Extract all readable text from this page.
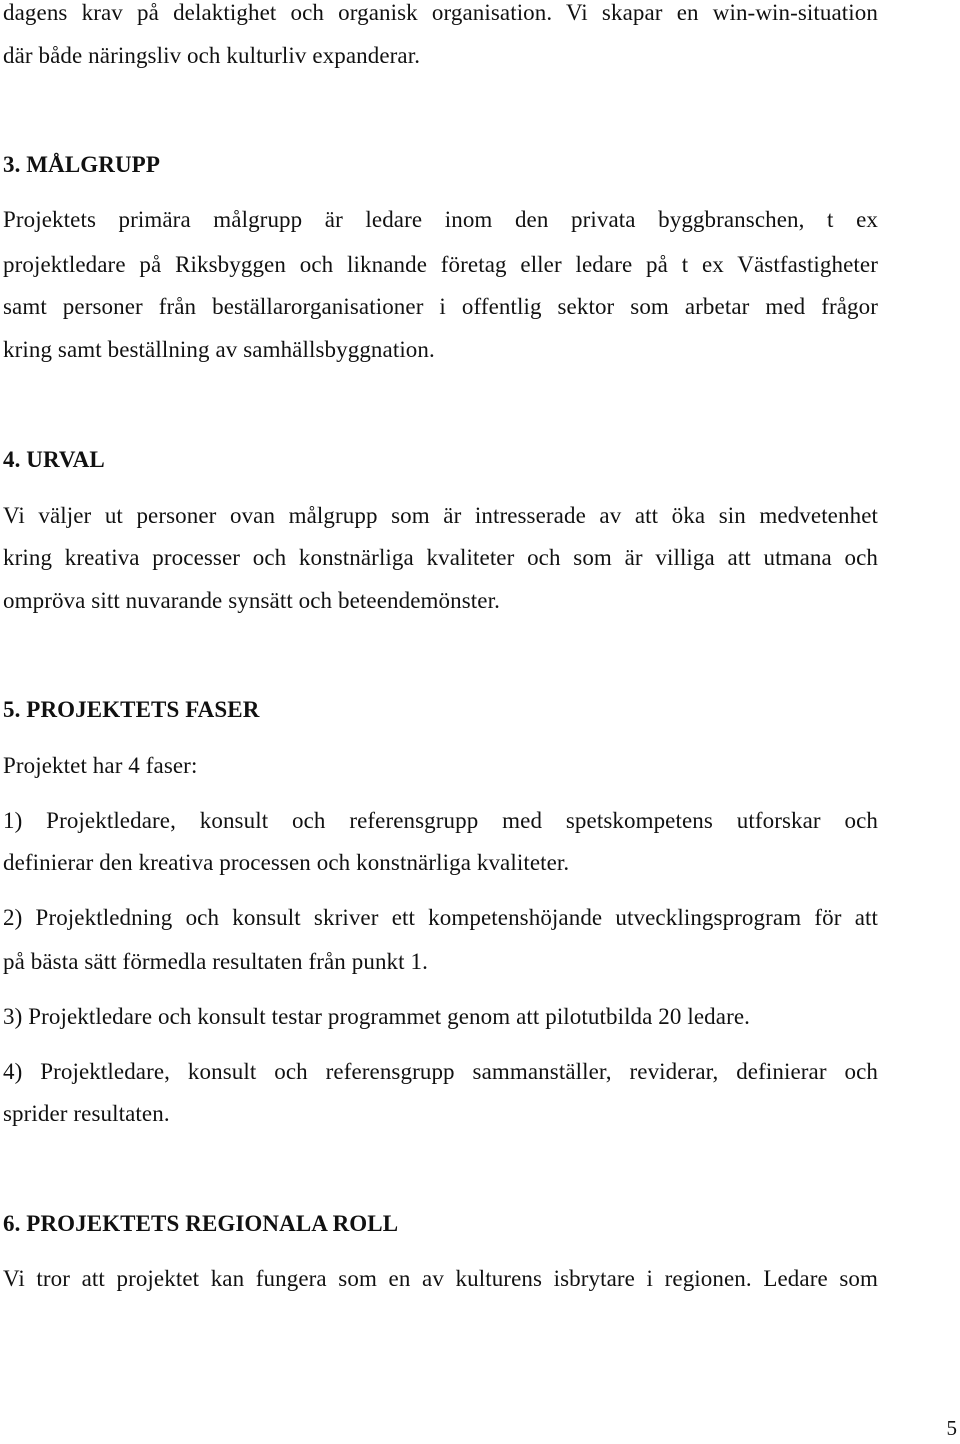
dagens krav på delaktighet och organisk organisation. Vi skapar en win-win-situation
där både näringsliv och kulturliv expanderar.
3. MÅLGRUPP
Projektets primära målgrupp är ledare inom den privata byggbranschen, t ex
projektledare på Riksbyggen och liknande företag eller ledare på t ex Västfastigheter
samt personer från beställarorganisationer i offentlig sektor som arbetar med frågor
kring samt beställning av samhällsbyggnation.
4. URVAL
Vi väljer ut personer ovan målgrupp som är intresserade av att öka sin medvetenhet
kring kreativa processer och konstnärliga kvaliteter och som är villiga att utmana och
ompröva sitt nuvarande synsätt och beteendemönster.
5. PROJEKTETS FASER
Projektet har 4 faser:
1) Projektledare, konsult och referensgrupp med spetskompetens utforskar och
definierar den kreativa processen och konstnärliga kvaliteter.
2) Projektledning och konsult skriver ett kompetenshöjande utvecklingsprogram för att
på bästa sätt förmedla resultaten från punkt 1.
3) Projektledare och konsult testar programmet genom att pilotutbilda 20 ledare.
4) Projektledare, konsult och referensgrupp sammanställer, reviderar, definierar och
sprider resultaten.
6. PROJEKTETS REGIONALA ROLL
Vi tror att projektet kan fungera som en av kulturens isbrytare i regionen. Ledare som
5
